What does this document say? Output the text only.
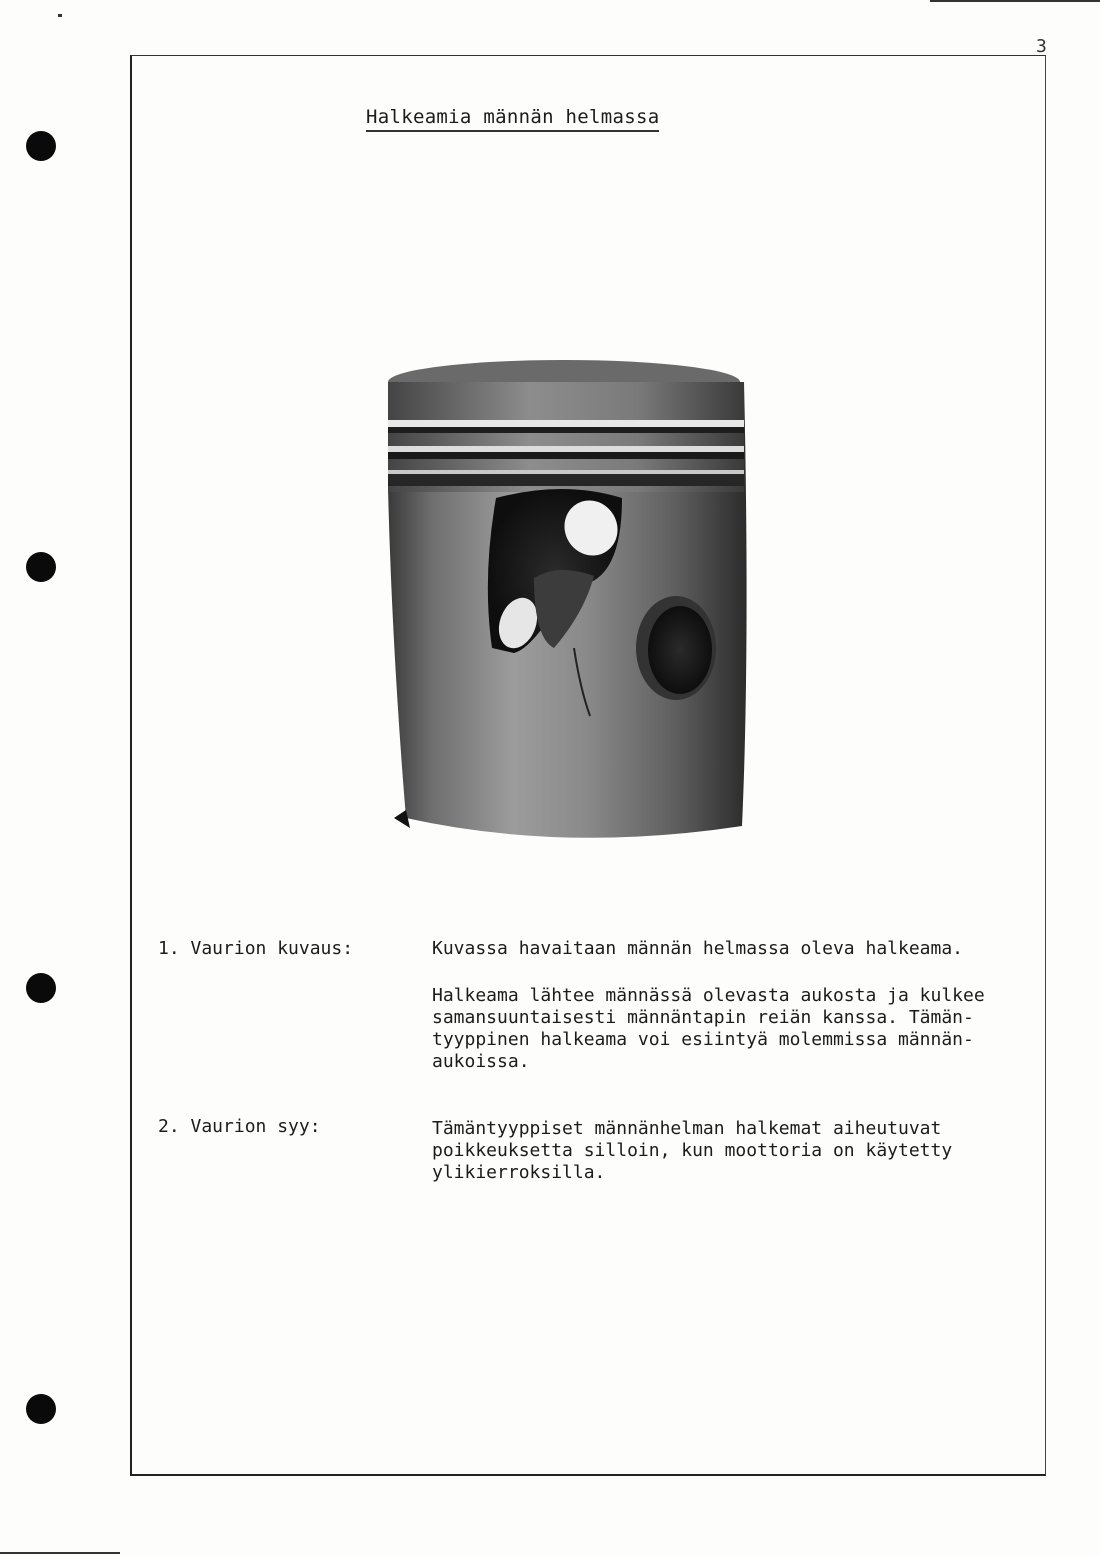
3
Halkeamia männän helmassa
1. Vaurion kuvaus:	Kuvassa havaitaan männän helmassa oleva halkeama.
Halkeama lähtee männässä olevasta aukosta ja kulkee
samansuuntaisesti männäntapin reiän kanssa. Tämän-
tyyppinen halkeama voi esiintyä molemmissa männän-
aukoissa.
2. Vaurion syy:	Tämäntyyppiset männänhelman halkemat aiheutuvat
poikkeuksetta silloin, kun moottoria on käytetty
ylikierroksilla.
